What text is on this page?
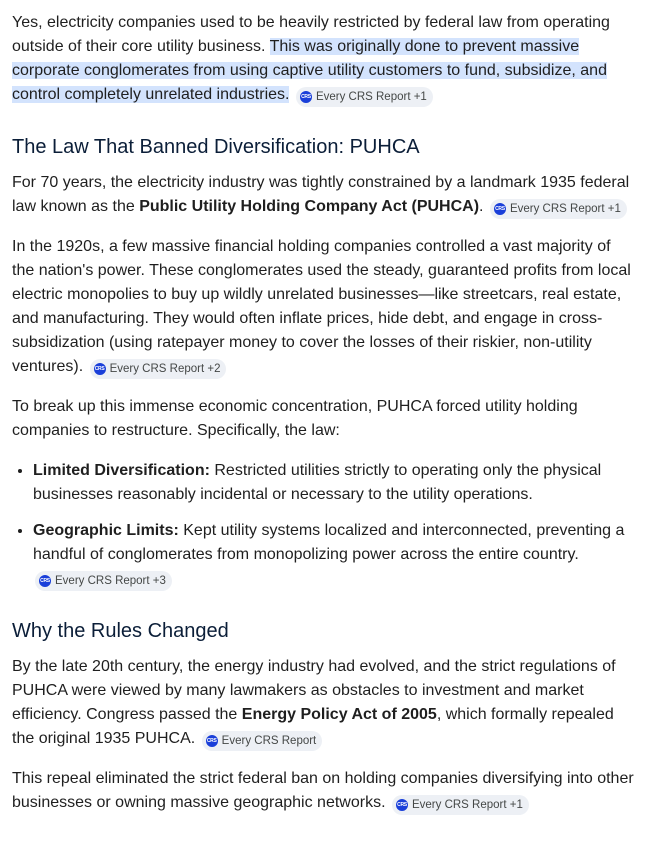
Yes, electricity companies used to be heavily restricted by federal law from operating outside of their core utility business. This was originally done to prevent massive corporate conglomerates from using captive utility customers to fund, subsidize, and control completely unrelated industries. CRS Every CRS Report +1

The Law That Banned Diversification: PUHCA

For 70 years, the electricity industry was tightly constrained by a landmark 1935 federal law known as the Public Utility Holding Company Act (PUHCA). CRS Every CRS Report +1

In the 1920s, a few massive financial holding companies controlled a vast majority of the nation's power. These conglomerates used the steady, guaranteed profits from local electric monopolies to buy up wildly unrelated businesses—like streetcars, real estate, and manufacturing. They would often inflate prices, hide debt, and engage in cross-subsidization (using ratepayer money to cover the losses of their riskier, non-utility ventures). CRS Every CRS Report +2

To break up this immense economic concentration, PUHCA forced utility holding companies to restructure. Specifically, the law:

• Limited Diversification: Restricted utilities strictly to operating only the physical businesses reasonably incidental or necessary to the utility operations.
• Geographic Limits: Kept utility systems localized and interconnected, preventing a handful of conglomerates from monopolizing power across the entire country.
CRS Every CRS Report +3
Why the Rules Changed

By the late 20th century, the energy industry had evolved, and the strict regulations of PUHCA were viewed by many lawmakers as obstacles to investment and market efficiency. Congress passed the Energy Policy Act of 2005, which formally repealed the original 1935 PUHCA. CRS Every CRS Report

This repeal eliminated the strict federal ban on holding companies diversifying into other businesses or owning massive geographic networks. CRS Every CRS Report +1
